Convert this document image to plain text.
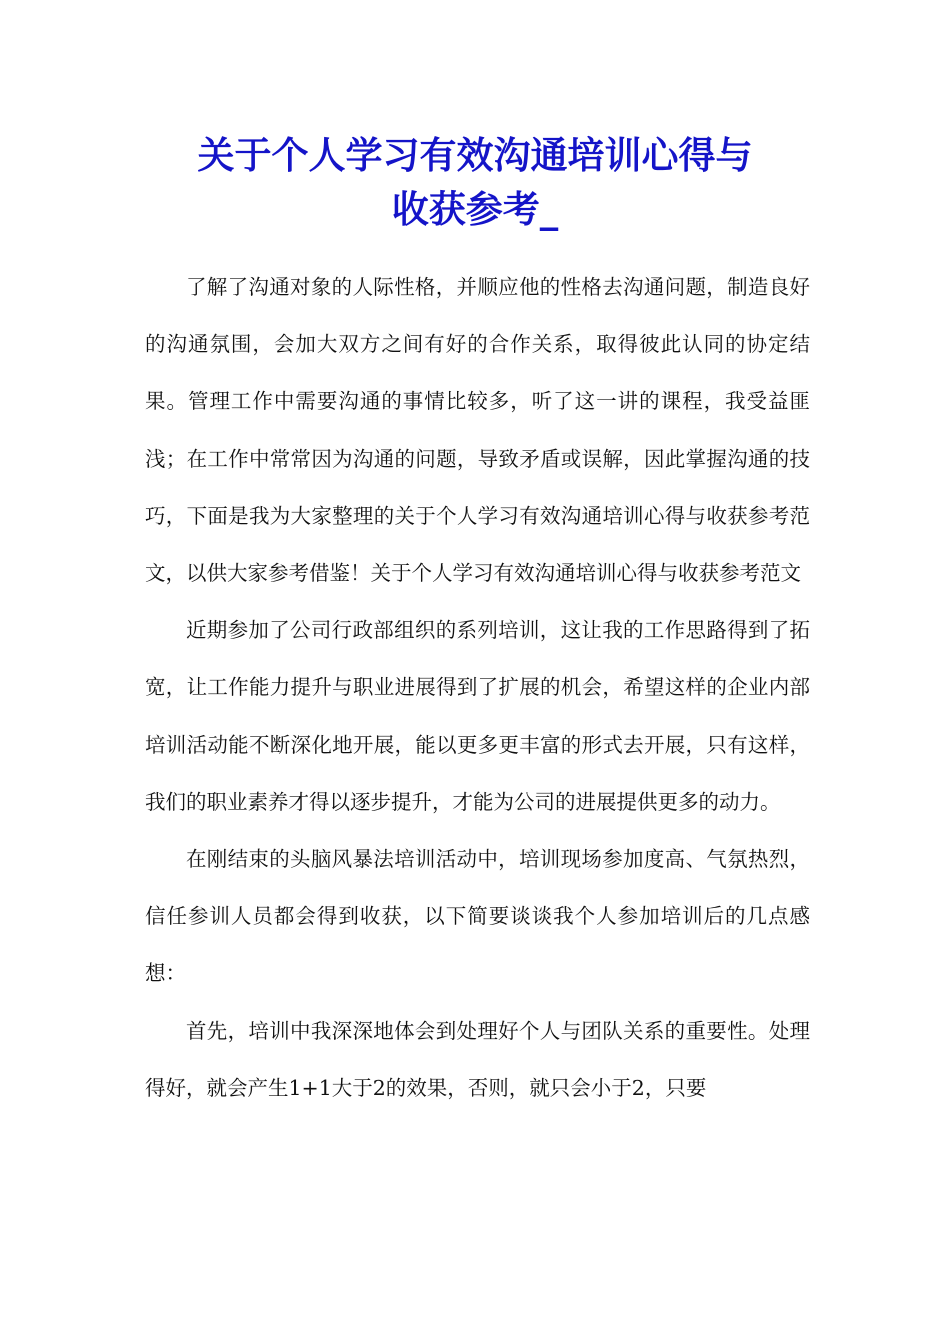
关于个人学习有效沟通培训心得与
收获参考_

了解了沟通对象的人际性格，并顺应他的性格去沟通问题，制造良好的沟通氛围，会加大双方之间有好的合作关系，取得彼此认同的协定结果。管理工作中需要沟通的事情比较多，听了这一讲的课程，我受益匪浅；在工作中常常因为沟通的问题，导致矛盾或误解，因此掌握沟通的技巧，下面是我为大家整理的关于个人学习有效沟通培训心得与收获参考范文，以供大家参考借鉴！关于个人学习有效沟通培训心得与收获参考范文

近期参加了公司行政部组织的系列培训，这让我的工作思路得到了拓宽，让工作能力提升与职业进展得到了扩展的机会，希望这样的企业内部培训活动能不断深化地开展，能以更多更丰富的形式去开展，只有这样，我们的职业素养才得以逐步提升，才能为公司的进展提供更多的动力。

在刚结束的头脑风暴法培训活动中，培训现场参加度高、气氛热烈，信任参训人员都会得到收获，以下简要谈谈我个人参加培训后的几点感想：

首先，培训中我深深地体会到处理好个人与团队关系的重要性。处理得好，就会产生1+1大于2的效果，否则，就只会小于2，只要
